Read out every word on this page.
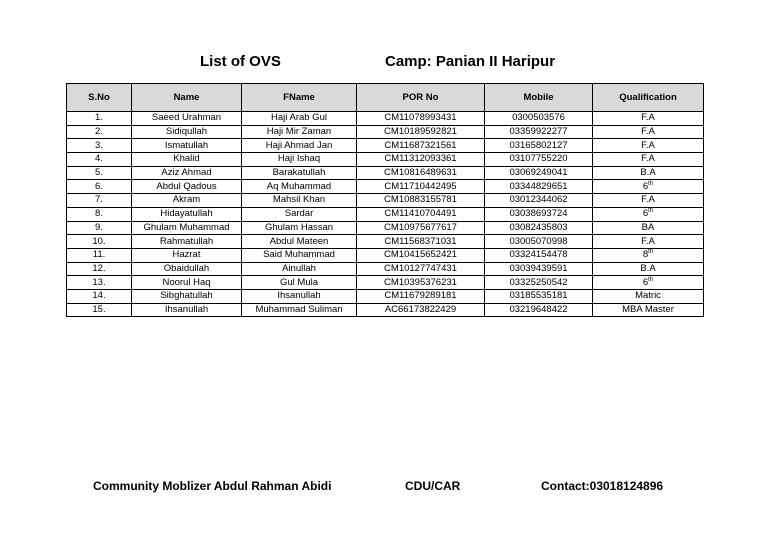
List of OVS	Camp: Panian II Haripur
S.No	Name	FName	POR No	Mobile	Qualification
1.	Saeed Urahman	Haji Arab Gul	CM11078993431	0300503576	F.A
2.	Sidiqullah	Haji Mir Zaman	CM10189592821	03359922277	F.A
3.	Ismatullah	Haji Ahmad Jan	CM11687321561	03165802127	F.A
4.	Khalid	Haji Ishaq	CM11312093361	03107755220	F.A
5.	Aziz Ahmad	Barakatullah	CM10816489631	03069249041	B.A
6.	Abdul Qadous	Aq Muhammad	CM11710442495	03344829651	6th
7.	Akram	Mahsil Khan	CM10883155781	03012344062	F.A
8.	Hidayatullah	Sardar	CM11410704491	03038693724	6th
9.	Ghulam Muhammad	Ghulam Hassan	CM10975677617	03082435803	BA
10.	Rahmatullah	Abdul Mateen	CM11568371031	03005070998	F.A
11.	Hazrat	Said Muhammad	CM10415652421	03324154478	8th
12.	Obaidullah	Ainullah	CM10127747431	03039439591	B.A
13.	Noorul Haq	Gul Mula	CM10395376231	03325250542	6th
14.	Sibghatullah	Ihsanullah	CM11679289181	03185535181	Matric
15.	Ihsanullah	Muhammad Suliman	AC66173822429	03219648422	MBA Master
Community Moblizer Abdul Rahman Abidi	CDU/CAR	Contact:03018124896
